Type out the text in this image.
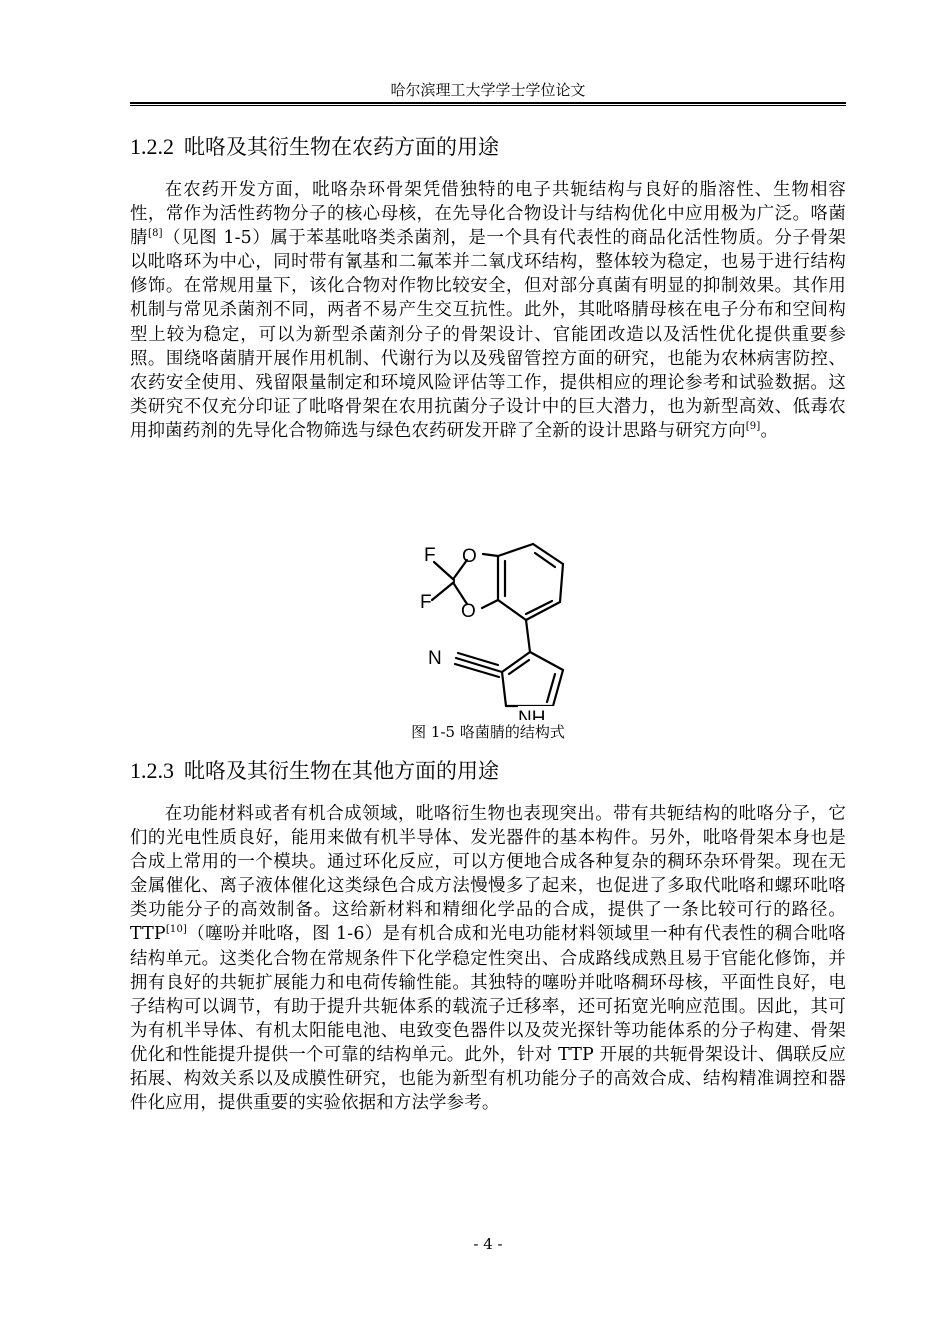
哈尔滨理工大学学士学位论文
1.2.2 吡咯及其衍生物在农药方面的用途

在农药开发方面，吡咯杂环骨架凭借独特的电子共轭结构与良好的脂溶性、生物相容性，常作为活性药物分子的核心母核，在先导化合物设计与结构优化中应用极为广泛。咯菌腈[8]（见图 1-5）属于苯基吡咯类杀菌剂，是一个具有代表性的商品化活性物质。分子骨架以吡咯环为中心，同时带有氰基和二氟苯并二氧戊环结构，整体较为稳定，也易于进行结构修饰。在常规用量下，该化合物对作物比较安全，但对部分真菌有明显的抑制效果。其作用机制与常见杀菌剂不同，两者不易产生交互抗性。此外，其吡咯腈母核在电子分布和空间构型上较为稳定，可以为新型杀菌剂分子的骨架设计、官能团改造以及活性优化提供重要参照。围绕咯菌腈开展作用机制、代谢行为以及残留管控方面的研究，也能为农林病害防控、农药安全使用、残留限量制定和环境风险评估等工作，提供相应的理论参考和试验数据。这类研究不仅充分印证了吡咯骨架在农用抗菌分子设计中的巨大潜力，也为新型高效、低毒农用抑菌药剂的先导化合物筛选与绿色农药研发开辟了全新的设计思路与研究方向[9]。

F
F
O
O
N
NH
图 1-5 咯菌腈的结构式
1.2.3 吡咯及其衍生物在其他方面的用途

在功能材料或者有机合成领域，吡咯衍生物也表现突出。带有共轭结构的吡咯分子，它们的光电性质良好，能用来做有机半导体、发光器件的基本构件。另外，吡咯骨架本身也是合成上常用的一个模块。通过环化反应，可以方便地合成各种复杂的稠环杂环骨架。现在无金属催化、离子液体催化这类绿色合成方法慢慢多了起来，也促进了多取代吡咯和螺环吡咯类功能分子的高效制备。这给新材料和精细化学品的合成，提供了一条比较可行的路径。TTP[10]（噻吩并吡咯，图 1-6）是有机合成和光电功能材料领域里一种有代表性的稠合吡咯结构单元。这类化合物在常规条件下化学稳定性突出、合成路线成熟且易于官能化修饰，并拥有良好的共轭扩展能力和电荷传输性能。其独特的噻吩并吡咯稠环母核，平面性良好，电子结构可以调节，有助于提升共轭体系的载流子迁移率，还可拓宽光响应范围。因此，其可为有机半导体、有机太阳能电池、电致变色器件以及荧光探针等功能体系的分子构建、骨架优化和性能提升提供一个可靠的结构单元。此外，针对 TTP 开展的共轭骨架设计、偶联反应拓展、构效关系以及成膜性研究，也能为新型有机功能分子的高效合成、结构精准调控和器件化应用，提供重要的实验依据和方法学参考。

- 4 -
